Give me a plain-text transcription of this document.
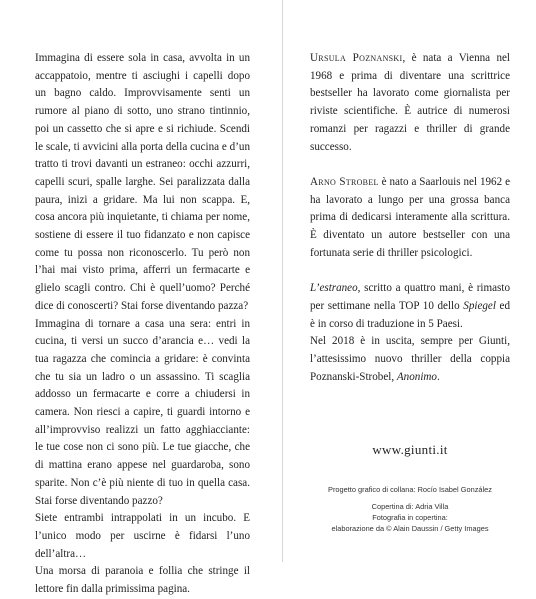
Immagina di essere sola in casa, avvolta in un accappatoio, mentre ti asciughi i capelli dopo un bagno caldo. Improvvisamente senti un rumore al piano di sotto, uno strano tintinnio, poi un cassetto che si apre e si richiude. Scendi le scale, ti avvicini alla porta della cucina e d’un tratto ti trovi davanti un estraneo: occhi azzurri, capelli scuri, spalle larghe. Sei paralizzata dalla paura, inizi a gridare. Ma lui non scappa. E, cosa ancora più inquietante, ti chiama per nome, sostiene di essere il tuo fidanzato e non capisce come tu possa non riconoscerlo. Tu però non l’hai mai visto prima, afferri un fermacarte e glielo scagli contro. Chi è quell’uomo? Perché dice di conoscerti? Stai forse diventando pazza?

Immagina di tornare a casa una sera: entri in cucina, ti versi un succo d’arancia e… vedi la tua ragazza che comincia a gridare: è convinta che tu sia un ladro o un assassino. Ti scaglia addosso un fermacarte e corre a chiudersi in camera. Non riesci a capire, ti guardi intorno e all’improvviso realizzi un fatto agghiacciante: le tue cose non ci sono più. Le tue giacche, che di mattina erano appese nel guardaroba, sono sparite. Non c’è più niente di tuo in quella casa. Stai forse diventando pazzo?

Siete entrambi intrappolati in un incubo. E l’unico modo per uscirne è fidarsi l’uno dell’altra…

Una morsa di paranoia e follia che stringe il lettore fin dalla primissima pagina.

Ursula Poznanski, è nata a Vienna nel 1968 e prima di diventare una scrittrice bestseller ha lavorato come giornalista per riviste scientifiche. È autrice di numerosi romanzi per ragazzi e thriller di grande successo.

Arno Strobel è nato a Saarlouis nel 1962 e ha lavorato a lungo per una grossa banca prima di dedicarsi interamente alla scrittura. È diventato un autore bestseller con una fortunata serie di thriller psicologici.

L’estraneo, scritto a quattro mani, è rimasto per settimane nella TOP 10 dello Spiegel ed è in corso di traduzione in 5 Paesi.

Nel 2018 è in uscita, sempre per Giunti, l’attesissimo nuovo thriller della coppia Poznanski-Strobel, Anonimo.

www.giunti.it
Progetto grafico di collana: Rocío Isabel González
Copertina di: Adria Villa
Fotografia in copertina:
elaborazione da © Alain Daussin / Getty Images
